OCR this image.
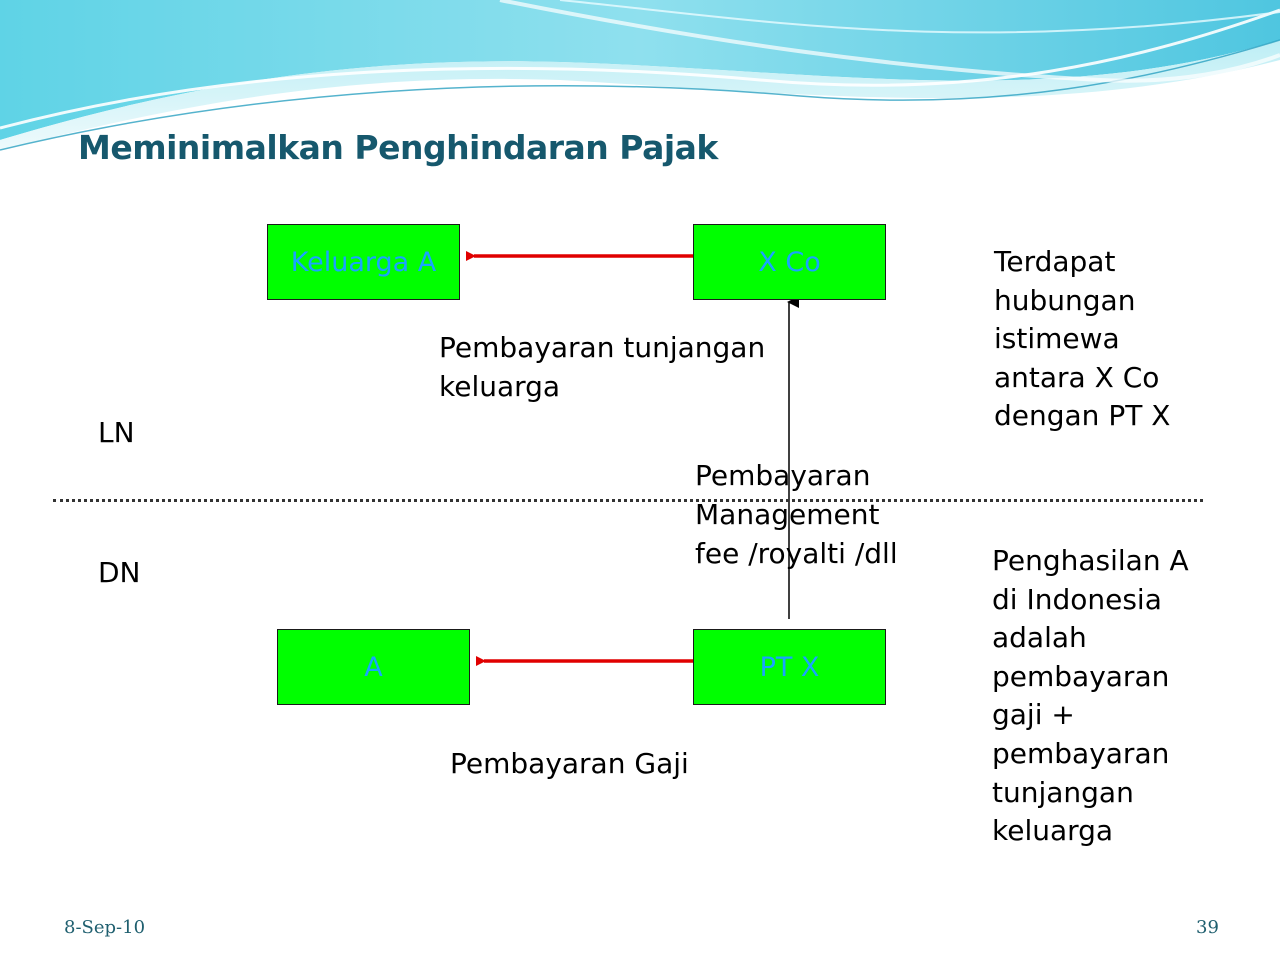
Meminimalkan Penghindaran Pajak
Keluarga A	X Co
A	PT X
Pembayaran tunjangan
keluarga
Pembayaran
Management
fee /royalti /dll
Pembayaran Gaji
LN
DN
Terdapat
hubungan
istimewa
antara X Co
dengan PT X
Penghasilan A
di Indonesia
adalah
pembayaran
gaji +
pembayaran
tunjangan
keluarga
8-Sep-10	39
